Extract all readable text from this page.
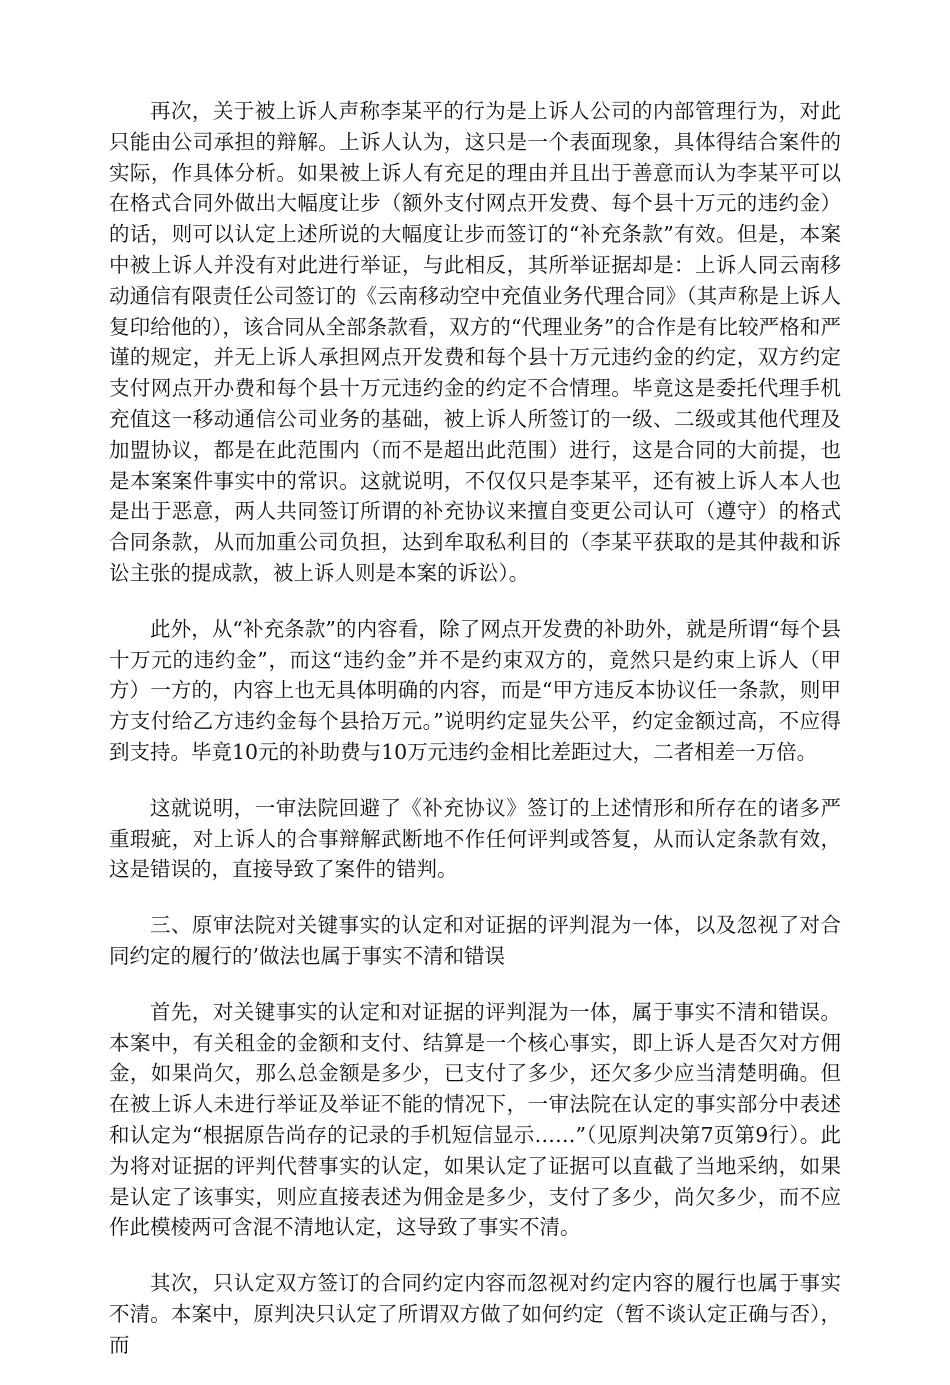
再次，关于被上诉人声称李某平的行为是上诉人公司的内部管理行为，对此只能由公司承担的辩解。上诉人认为，这只是一个表面现象，具体得结合案件的实际，作具体分析。如果被上诉人有充足的理由并且出于善意而认为李某平可以在格式合同外做出大幅度让步（额外支付网点开发费、每个县十万元的违约金）的话，则可以认定上述所说的大幅度让步而签订的“补充条款”有效。但是，本案中被上诉人并没有对此进行举证，与此相反，其所举证据却是：上诉人同云南移动通信有限责任公司签订的《云南移动空中充值业务代理合同》（其声称是上诉人复印给他的），该合同从全部条款看，双方的“代理业务”的合作是有比较严格和严谨的规定，并无上诉人承担网点开发费和每个县十万元违约金的约定，双方约定支付网点开办费和每个县十万元违约金的约定不合情理。毕竟这是委托代理手机充值这一移动通信公司业务的基础，被上诉人所签订的一级、二级或其他代理及加盟协议，都是在此范围内（而不是超出此范围）进行，这是合同的大前提，也是本案案件事实中的常识。这就说明，不仅仅只是李某平，还有被上诉人本人也是出于恶意，两人共同签订所谓的补充协议来擅自变更公司认可（遵守）的格式合同条款，从而加重公司负担，达到牟取私利目的（李某平获取的是其仲裁和诉讼主张的提成款，被上诉人则是本案的诉讼）。

此外，从“补充条款”的内容看，除了网点开发费的补助外，就是所谓“每个县十万元的违约金”，而这“违约金”并不是约束双方的，竟然只是约束上诉人（甲方）一方的，内容上也无具体明确的内容，而是“甲方违反本协议任一条款，则甲方支付给乙方违约金每个县拾万元。”说明约定显失公平，约定金额过高，不应得到支持。毕竟10元的补助费与10万元违约金相比差距过大，二者相差一万倍。

这就说明，一审法院回避了《补充协议》签订的上述情形和所存在的诸多严重瑕疵，对上诉人的合事辩解武断地不作任何评判或答复，从而认定条款有效，这是错误的，直接导致了案件的错判。

三、原审法院对关键事实的认定和对证据的评判混为一体，以及忽视了对合同约定的履行的’做法也属于事实不清和错误

首先，对关键事实的认定和对证据的评判混为一体，属于事实不清和错误。本案中，有关租金的金额和支付、结算是一个核心事实，即上诉人是否欠对方佣金，如果尚欠，那么总金额是多少，已支付了多少，还欠多少应当清楚明确。但在被上诉人未进行举证及举证不能的情况下，一审法院在认定的事实部分中表述和认定为“根据原告尚存的记录的手机短信显示……”（见原判决第7页第9行）。此为将对证据的评判代替事实的认定，如果认定了证据可以直截了当地采纳，如果是认定了该事实，则应直接表述为佣金是多少，支付了多少，尚欠多少，而不应作此模棱两可含混不清地认定，这导致了事实不清。

其次，只认定双方签订的合同约定内容而忽视对约定内容的履行也属于事实不清。本案中，原判决只认定了所谓双方做了如何约定（暂不谈认定正确与否），而
